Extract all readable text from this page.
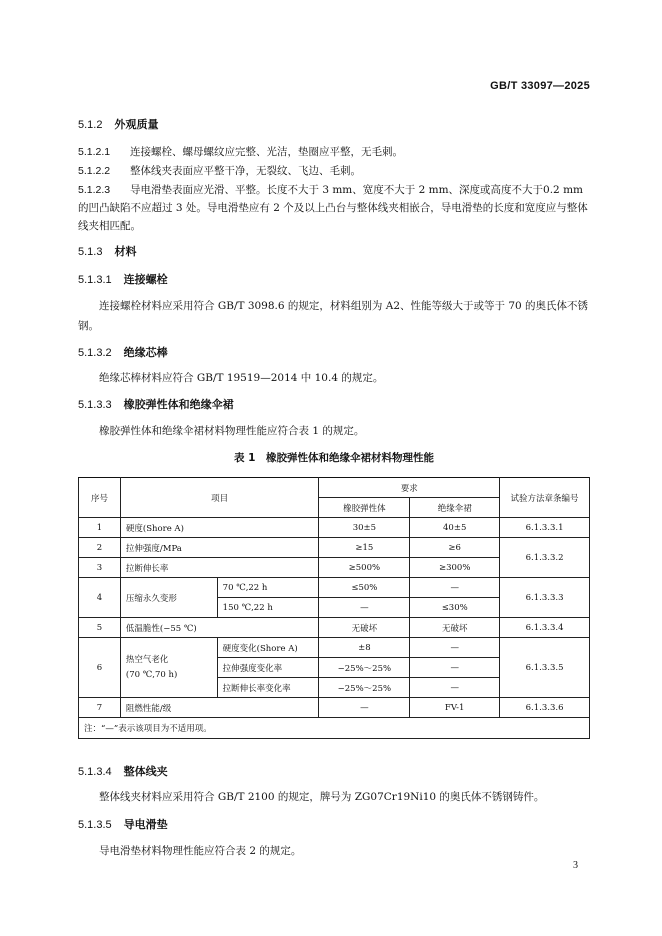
GB/T 33097—2025
5.1.2 外观质量
5.1.2.1 连接螺栓、螺母螺纹应完整、光洁，垫圈应平整，无毛刺。
5.1.2.2 整体线夹表面应平整干净，无裂纹、飞边、毛刺。
5.1.2.3 导电滑垫表面应光滑、平整。长度不大于 3 mm、宽度不大于 2 mm、深度或高度不大于0.2 mm的凹凸缺陷不应超过 3 处。导电滑垫应有 2 个及以上凸台与整体线夹相嵌合，导电滑垫的长度和宽度应与整体线夹相匹配。
5.1.3 材料
5.1.3.1 连接螺栓
连接螺栓材料应采用符合 GB/T 3098.6 的规定，材料组别为 A2、性能等级大于或等于 70 的奥氏体不锈钢。
5.1.3.2 绝缘芯棒
绝缘芯棒材料应符合 GB/T 19519—2014 中 10.4 的规定。
5.1.3.3 橡胶弹性体和绝缘伞裙
橡胶弹性体和绝缘伞裙材料物理性能应符合表 1 的规定。
表 1　橡胶弹性体和绝缘伞裙材料物理性能
序号	项目		要求		试验方法章条编号
			橡胶弹性体	绝缘伞裙	
1	硬度(Shore A)		30±5	40±5	6.1.3.3.1
2	拉伸强度/MPa		≥15	≥6	6.1.3.3.2
3	拉断伸长率		≥500%	≥300%	
4	压缩永久变形	70 ℃,22 h	≤50%	—	6.1.3.3.3
		150 ℃,22 h	—	≤30%	
5	低温脆性(−55 ℃)		无破坏	无破坏	6.1.3.3.4
6	热空气老化
(70 ℃,70 h)	硬度变化(Shore A)	±8	—	6.1.3.3.5
		拉伸强度变化率	−25%～25%	—	
		拉断伸长率变化率	−25%～25%	—	
7	阻燃性能/级		—	FV-1	6.1.3.3.6
注：“—”表示该项目为不适用项。					
5.1.3.4 整体线夹
整体线夹材料应采用符合 GB/T 2100 的规定，牌号为 ZG07Cr19Ni10 的奥氏体不锈钢铸件。
5.1.3.5 导电滑垫
导电滑垫材料物理性能应符合表 2 的规定。
3
